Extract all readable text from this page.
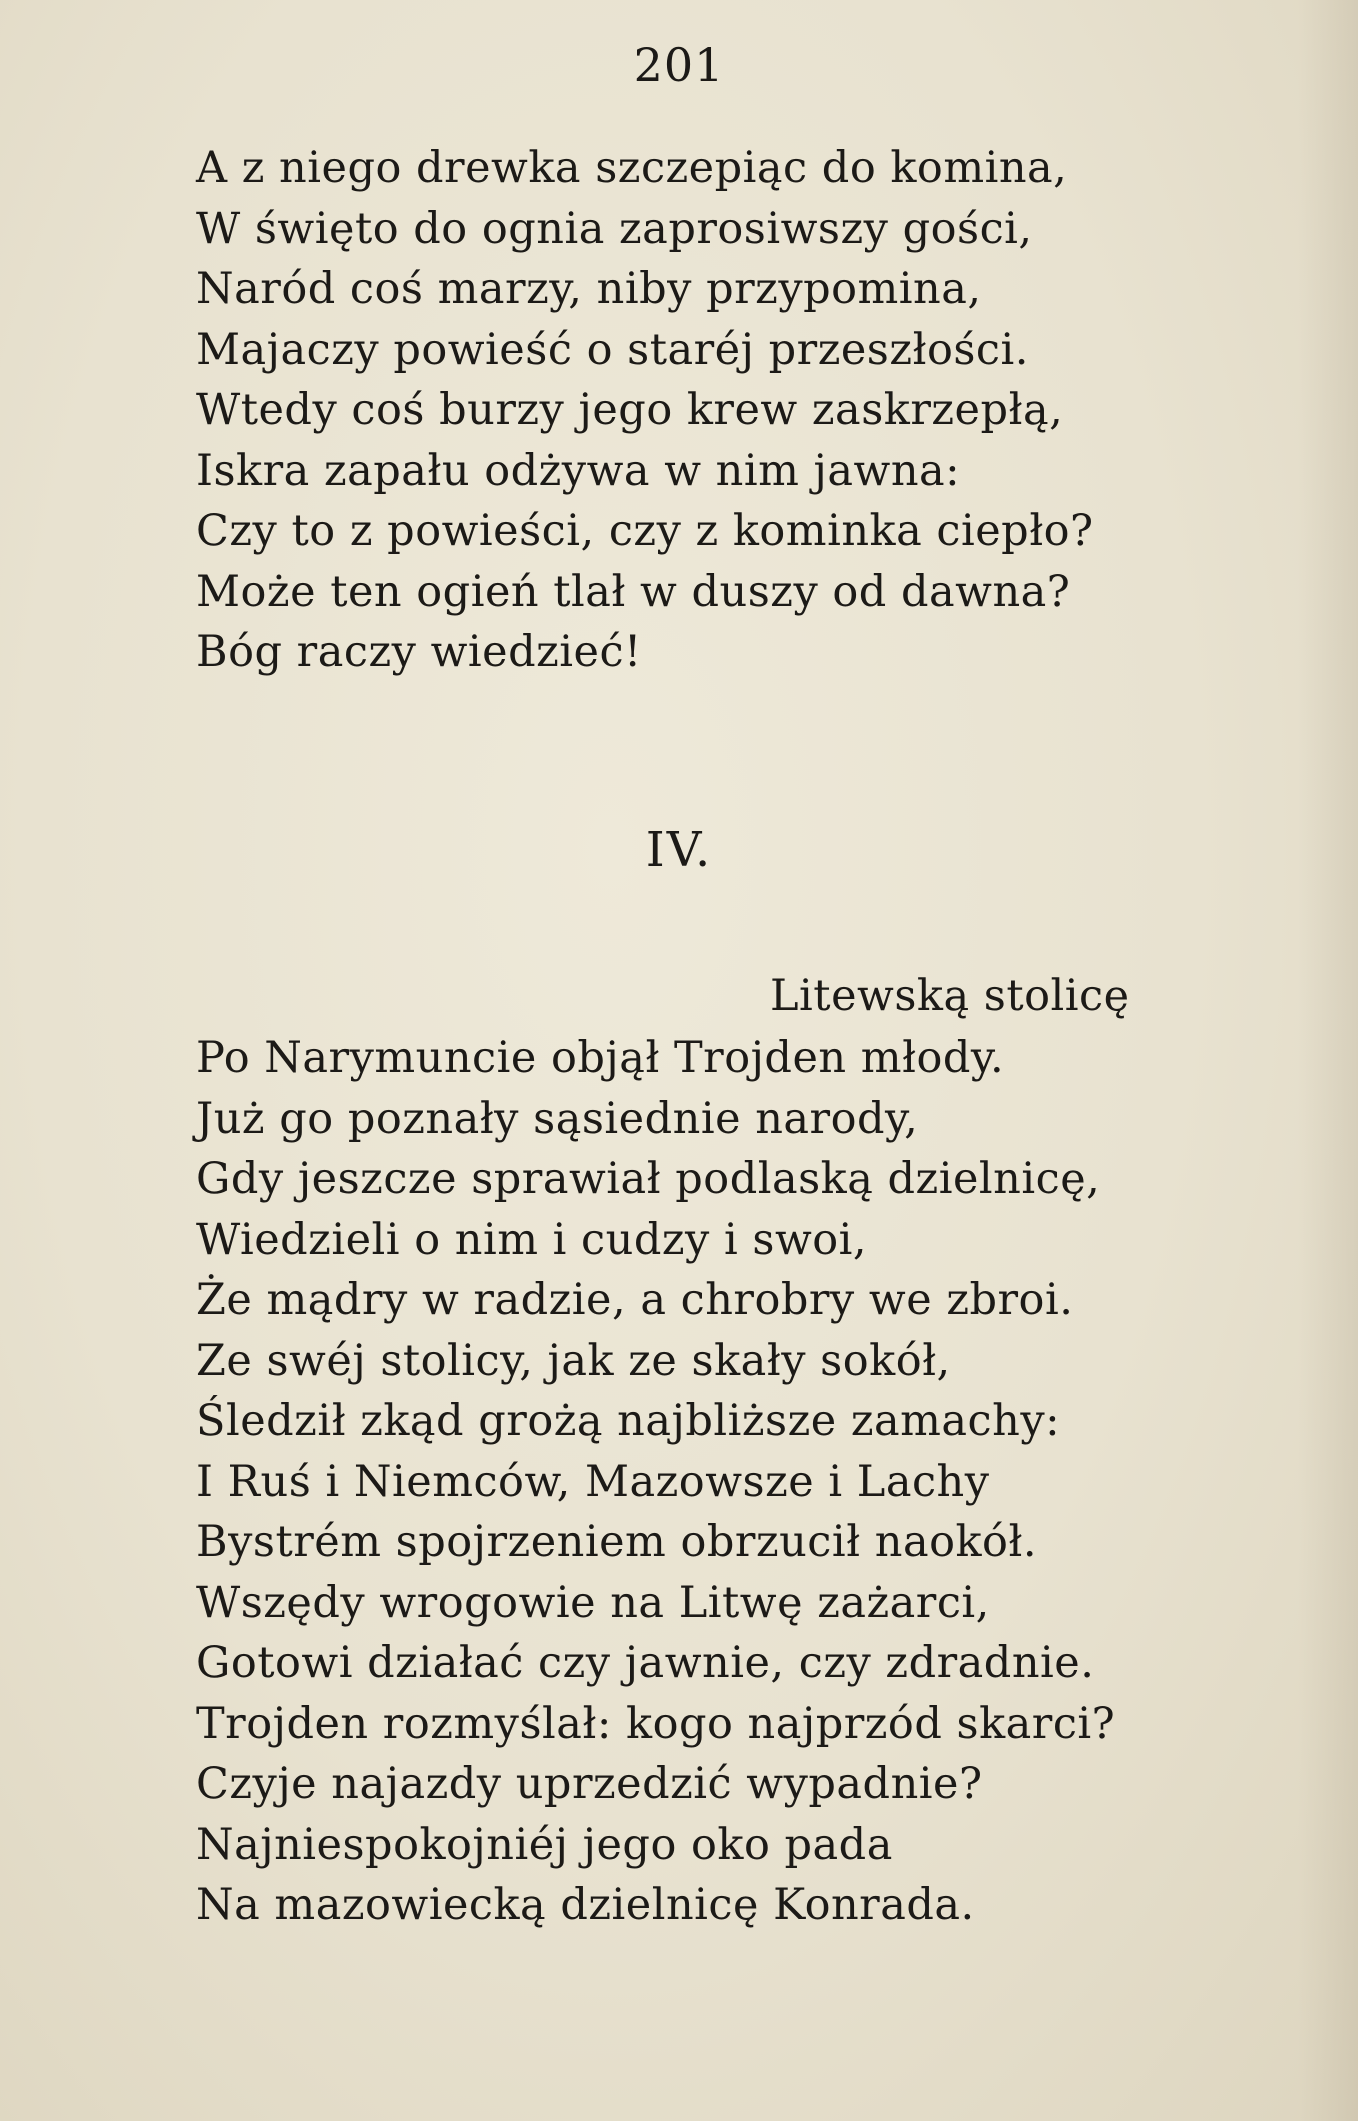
201
A z niego drewka szczepiąc do komina,
W święto do ognia zaprosiwszy gości,
Naród coś marzy, niby przypomina,
Majaczy powieść o staréj przeszłości.
Wtedy coś burzy jego krew zaskrzepłą,
Iskra zapału odżywa w nim jawna:
Czy to z powieści, czy z kominka ciepło?
Może ten ogień tlał w duszy od dawna?
Bóg raczy wiedzieć!
IV.
Litewską stolicę
Po Narymuncie objął Trojden młody.
Już go poznały sąsiednie narody,
Gdy jeszcze sprawiał podlaską dzielnicę,
Wiedzieli o nim i cudzy i swoi,
Że mądry w radzie, a chrobry we zbroi.
Ze swéj stolicy, jak ze skały sokół,
Śledził zkąd grożą najbliższe zamachy:
I Ruś i Niemców, Mazowsze i Lachy
Bystrém spojrzeniem obrzucił naokół.
Wszędy wrogowie na Litwę zażarci,
Gotowi działać czy jawnie, czy zdradnie.
Trojden rozmyślał: kogo najprzód skarci?
Czyje najazdy uprzedzić wypadnie?
Najniespokojniéj jego oko pada
Na mazowiecką dzielnicę Konrada.
